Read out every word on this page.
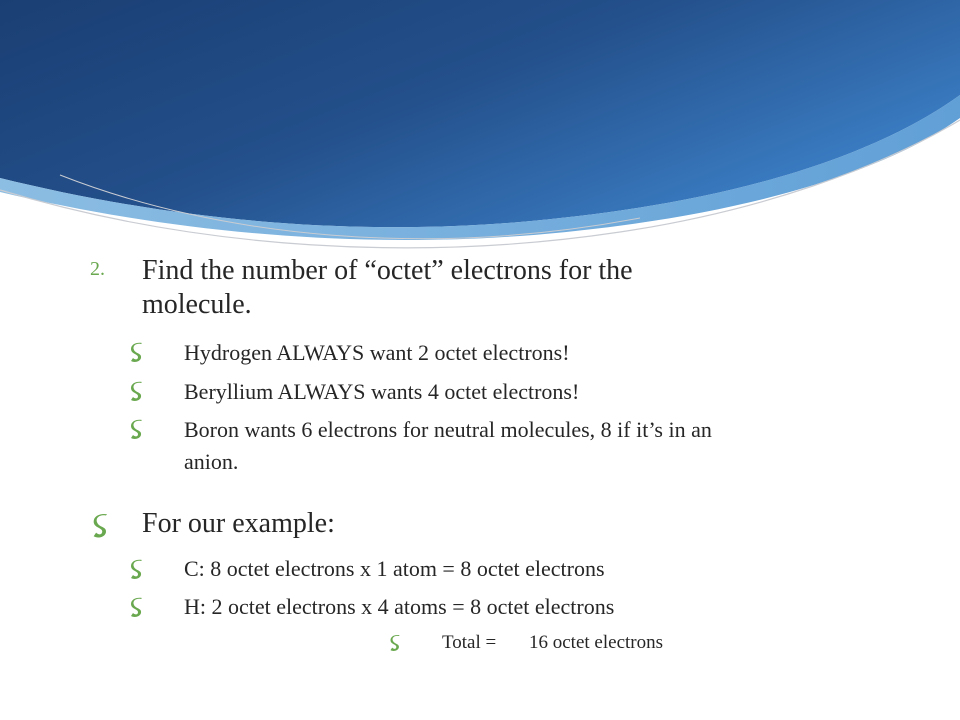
2. Find the number of “octet” electrons for the
molecule.
Hydrogen ALWAYS want 2 octet electrons!
Beryllium ALWAYS wants 4 octet electrons!
Boron wants 6 electrons for neutral molecules, 8 if it’s in an
anion.
For our example:
C: 8 octet electrons x 1 atom = 8 octet electrons
H: 2 octet electrons x 4 atoms = 8 octet electrons
Total = 16 octet electrons
